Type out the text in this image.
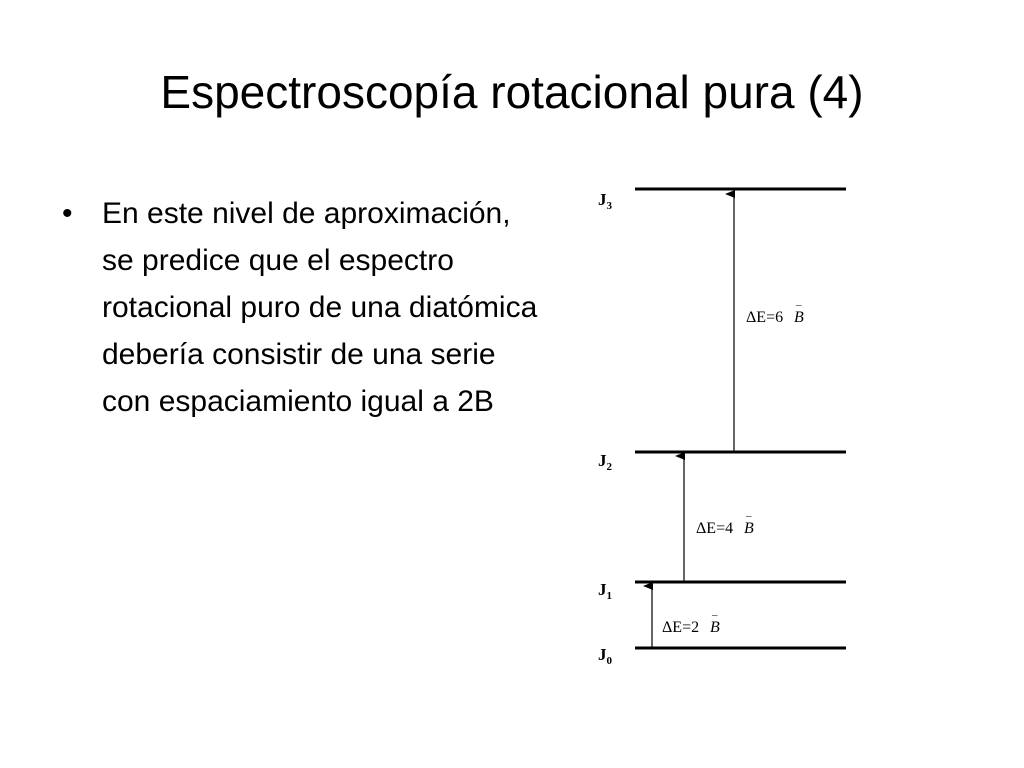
Espectroscopía rotacional pura (4)
• En este nivel de aproximación, se predice que el espectro rotacional puro de una diatómica debería consistir de una serie con espaciamiento igual a 2B
$J_3$
$J_2$
$J_1$
$J_0$
ΔE=6 B
–
ΔE=4 B
–
ΔE=2 B
–
